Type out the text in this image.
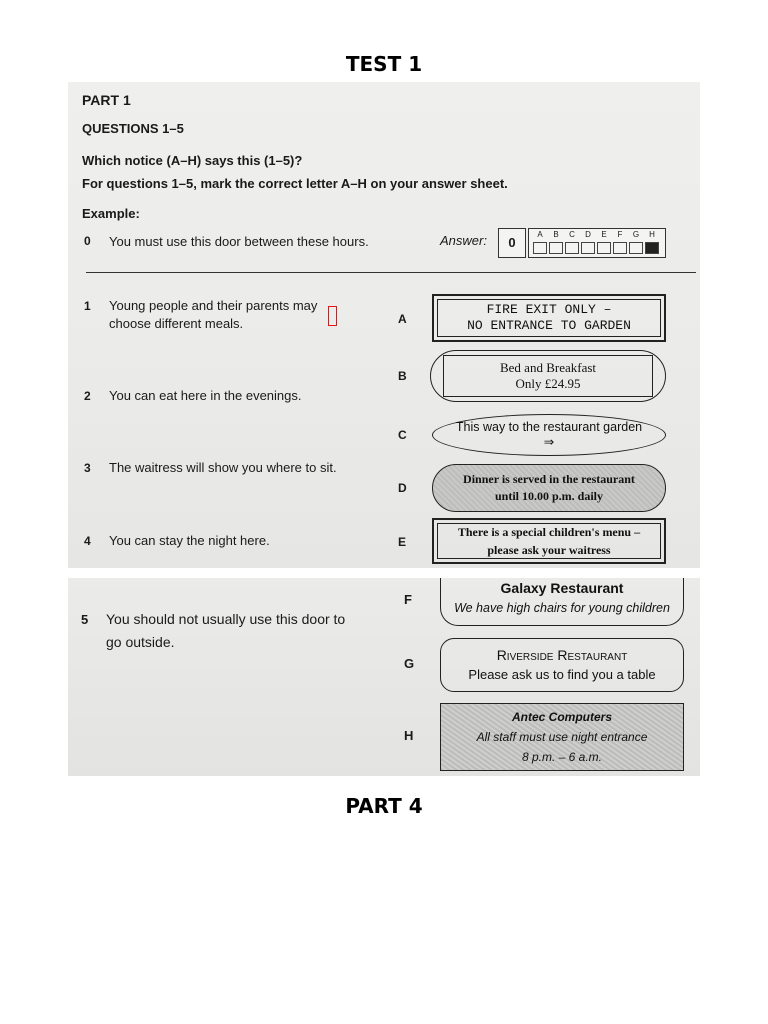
TEST 1
PART 1
QUESTIONS 1–5
Which notice (A–H) says this (1–5)?
For questions 1–5, mark the correct letter A–H on your answer sheet.
Example:
0 You must use this door between these hours.	Answer:	0
A	B	C	D	E	F	G	H
1 Young people and their parents may
choose different meals.
2 You can eat here in the evenings.
3 The waitress will show you where to sit.
4 You can stay the night here.
A
B
C
D
E
FIRE EXIT ONLY –
NO ENTRANCE TO GARDEN
Bed and Breakfast
Only £24.95
This way to the restaurant garden
⇒
Dinner is served in the restaurant
until 10.00 p.m. daily
There is a special children's menu –
please ask your waitress
5 You should not usually use this door to
go outside.
F
G
H
Galaxy Restaurant
We have high chairs for young children
Riverside Restaurant
Please ask us to find you a table
Antec Computers
All staff must use night entrance
8 p.m. – 6 a.m.
PART 4
